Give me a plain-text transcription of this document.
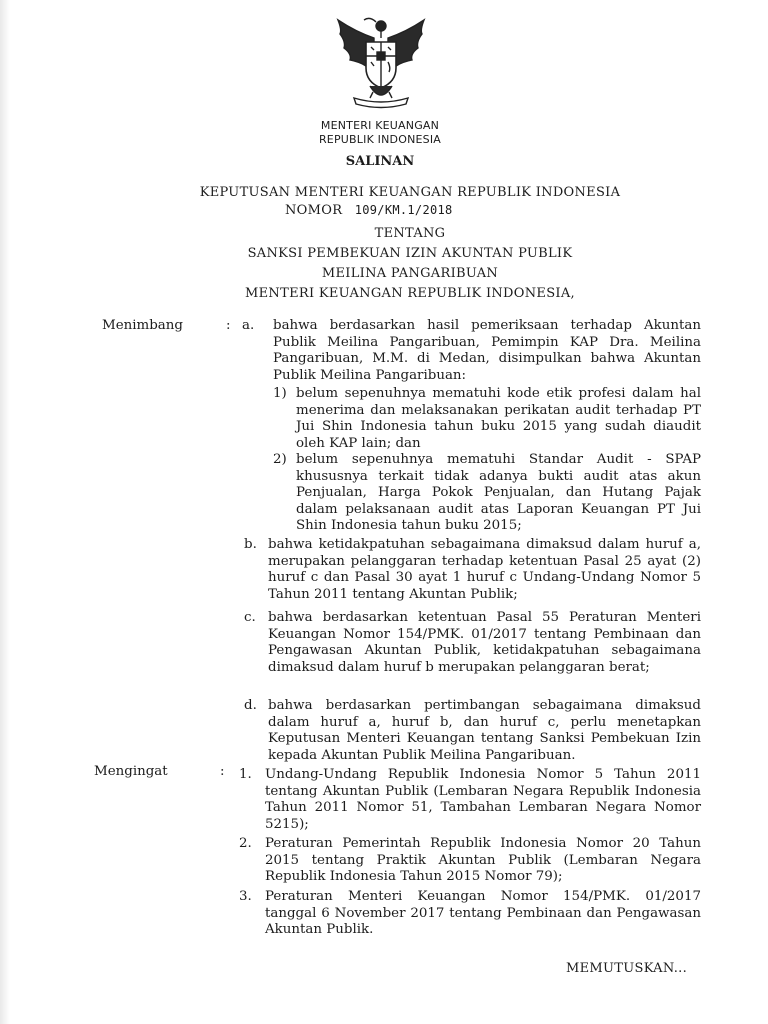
MENTERI KEUANGAN
REPUBLIK INDONESIA
SALINAN
KEPUTUSAN MENTERI KEUANGAN REPUBLIK INDONESIA
NOMOR 109/KM.1/2018
TENTANG
SANKSI PEMBEKUAN IZIN AKUNTAN PUBLIK
MEILINA PANGARIBUAN
MENTERI KEUANGAN REPUBLIK INDONESIA,
Menimbang	: a. bahwa berdasarkan hasil pemeriksaan terhadap Akuntan Publik Meilina Pangaribuan, Pemimpin KAP Dra. Meilina Pangaribuan, M.M. di Medan, disimpulkan bahwa Akuntan Publik Meilina Pangaribuan:
1) belum sepenuhnya mematuhi kode etik profesi dalam hal menerima dan melaksanakan perikatan audit terhadap PT Jui Shin Indonesia tahun buku 2015 yang sudah diaudit oleh KAP lain; dan
2) belum sepenuhnya mematuhi Standar Audit - SPAP khususnya terkait tidak adanya bukti audit atas akun Penjualan, Harga Pokok Penjualan, dan Hutang Pajak dalam pelaksanaan audit atas Laporan Keuangan PT Jui Shin Indonesia tahun buku 2015;
b. bahwa ketidakpatuhan sebagaimana dimaksud dalam huruf a, merupakan pelanggaran terhadap ketentuan Pasal 25 ayat (2) huruf c dan Pasal 30 ayat 1 huruf c Undang-Undang Nomor 5 Tahun 2011 tentang Akuntan Publik;
c. bahwa berdasarkan ketentuan Pasal 55 Peraturan Menteri Keuangan Nomor 154/PMK. 01/2017 tentang Pembinaan dan Pengawasan Akuntan Publik, ketidakpatuhan sebagaimana dimaksud dalam huruf b merupakan pelanggaran berat;
d. bahwa berdasarkan pertimbangan sebagaimana dimaksud dalam huruf a, huruf b, dan huruf c, perlu menetapkan Keputusan Menteri Keuangan tentang Sanksi Pembekuan Izin kepada Akuntan Publik Meilina Pangaribuan.
Mengingat	: 1. Undang-Undang Republik Indonesia Nomor 5 Tahun 2011 tentang Akuntan Publik (Lembaran Negara Republik Indonesia Tahun 2011 Nomor 51, Tambahan Lembaran Negara Nomor 5215);
2. Peraturan Pemerintah Republik Indonesia Nomor 20 Tahun 2015 tentang Praktik Akuntan Publik (Lembaran Negara Republik Indonesia Tahun 2015 Nomor 79);
3. Peraturan Menteri Keuangan Nomor 154/PMK. 01/2017 tanggal 6 November 2017 tentang Pembinaan dan Pengawasan Akuntan Publik.
MEMUTUSKAN...
